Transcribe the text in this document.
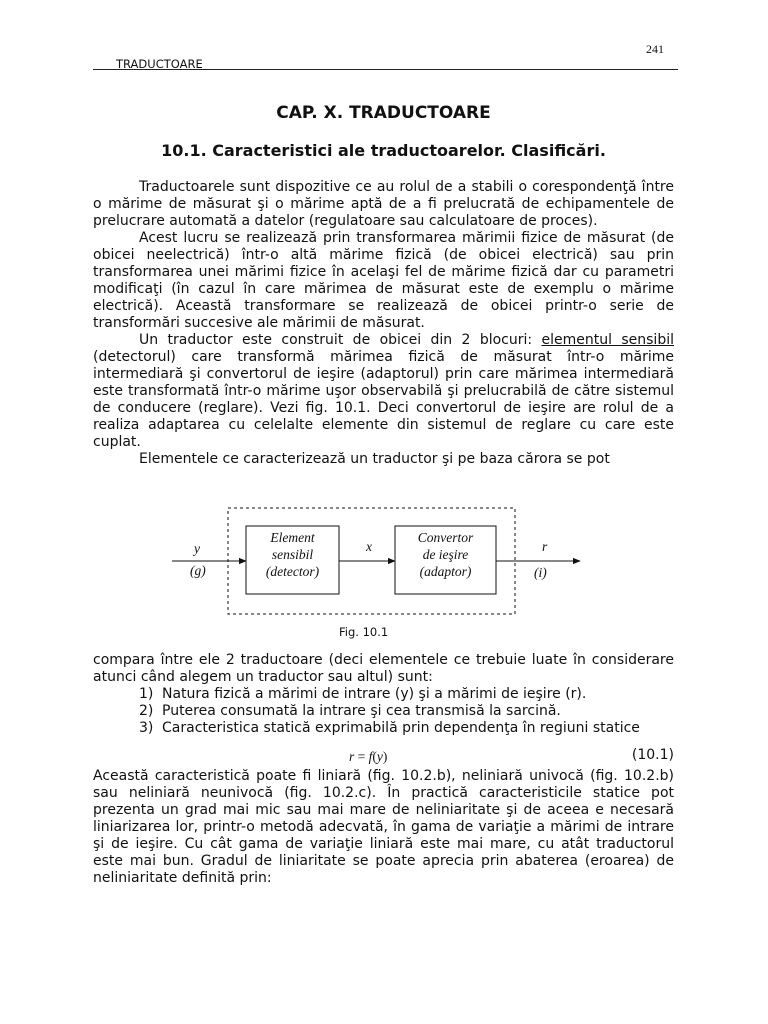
241
TRADUCTOARE
CAP. X. TRADUCTOARE
10.1. Caracteristici ale traductoarelor. Clasificări.

Traductoarele sunt dispozitive ce au rolul de a stabili o corespondenţă între o mărime de măsurat şi o mărime aptă de a fi prelucrată de echipamentele de prelucrare automată a datelor (regulatoare sau calculatoare de proces).

Acest lucru se realizează prin transformarea mărimii fizice de măsurat (de obicei neelectrică) într-o altă mărime fizică (de obicei electrică) sau prin transformarea unei mărimi fizice în acelaşi fel de mărime fizică dar cu parametri modificaţi (în cazul în care mărimea de măsurat este de exemplu o mărime electrică). Această transformare se realizează de obicei printr-o serie de transformări succesive ale mărimii de măsurat.

Un traductor este construit de obicei din 2 blocuri: elementul sensibil (detectorul) care transformă mărimea fizică de măsurat într-o mărime intermediară şi convertorul de ieşire (adaptorul) prin care mărimea intermediară este transformată într-o mărime uşor observabilă şi prelucrabilă de către sistemul de conducere (reglare). Vezi fig. 10.1. Deci convertorul de ieşire are rolul de a realiza adaptarea cu celelalte elemente din sistemul de reglare cu care este cuplat.

Elementele ce caracterizează un traductor şi pe baza cărora se pot

y
(g)
x	r
(i)
Element
sensibil
(detector)
Convertor
de ieşire
(adaptor)
Fig. 10.1

compara între ele 2 traductoare (deci elementele ce trebuie luate în considerare atunci când alegem un traductor sau altul) sunt:

1) Natura fizică a mărimi de intrare (y) şi a mărimi de ieşire (r).
2) Puterea consumată la intrare şi cea transmisă la sarcină.
3) Caracteristica statică exprimabilă prin dependenţa în regiuni statice
r = f(y)	(10.1)

Această caracteristică poate fi liniară (fig. 10.2.b), neliniară univocă (fig. 10.2.b) sau neliniară neunivocă (fig. 10.2.c). În practică caracteristicile statice pot prezenta un grad mai mic sau mai mare de neliniaritate şi de aceea e necesară liniarizarea lor, printr-o metodă adecvată, în gama de variaţie a mărimi de intrare şi de ieşire. Cu cât gama de variaţie liniară este mai mare, cu atât traductorul este mai bun. Gradul de liniaritate se poate aprecia prin abaterea (eroarea) de neliniaritate definită prin:
